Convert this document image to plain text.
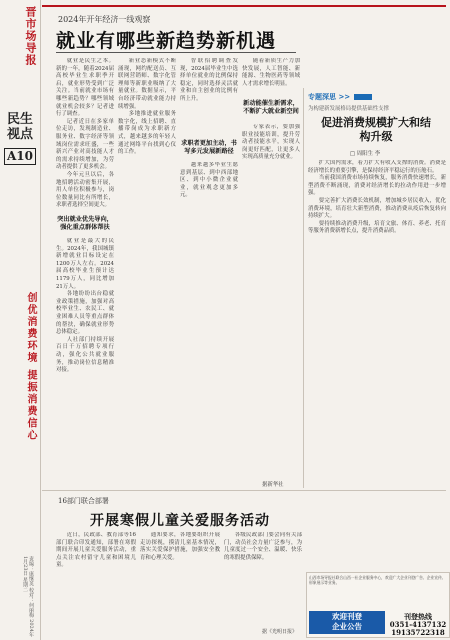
晋市场导报
民生视点
A10
创优消费环境 提振消费信心
责编：康继英 校对：何丽梅 2024年1月23日 星期二
2024年开年经济一线观察
就业有哪些新趋势新机遇

就业是民生之本。新的一年，随着2024届高校毕业生求职季开启，就业形势受到广泛关注。当前就业市场有哪些新趋势？哪些领域就业机会较多？记者进行了调查。

记者近日在多家单位走访，发现制造业、服务业、数字经济等领域岗位需求旺盛，一些新兴产业对高技能人才的需求持续增加，为劳动者提供了更多机会。

今年元旦以后，各地招聘活动密集开展，用人单位积极参与，岗位数量同比有所增长，求职者选择空间更大。

突出就业优先导向，强化重点群体帮扶

就业是最大的民生。2024年，我国城镇新增就业目标设定在1200万人左右。2024届高校毕业生预计达1179万人，同比增加21万人。

各地纷纷出台稳就业政策措施，加强对高校毕业生、农民工、就业困难人员等重点群体的帮扶，确保就业形势总体稳定。

人社部门持续开展百日千万招聘专项行动，强化公共就业服务，推动岗位信息精准对接。

新业态新模式不断涌现，网约配送员、互联网营销师、数字化管理师等新职业吸纳了大量就业。数据显示，平台经济带动就业能力持续增强。

多地推进就业服务数字化，线上招聘、直播带岗成为求职新方式，越来越多的年轻人通过网络平台找到心仪的工作。

智联招聘调查发现，2024届毕业生中选择单位就业的比例保持稳定，同时选择灵活就业和自主创业的比例有所上升。

求职者更加主动，书写多元发展新路径

越来越多毕业生愿意到基层、到中西部地区、到中小微企业就业，就业观念更加多元。

随着新质生产力加快发展，人工智能、新能源、生物医药等领域人才需求增长明显。

新动能催生新需求，不断扩大就业新空间

专家表示，要加强职业技能培训，提升劳动者技能水平，实现人岗更好匹配，让更多人实现高质量充分就业。

据新华社
专题深思 >>
为构建新发展格局提供基础性支撑
促进消费规模扩大和结构升级
□ 周阳生 李

扩大国内需求，着力扩大有收入支撑的消费。消费是经济增长的重要引擎，是保持经济平稳运行的压舱石。

当前我国消费市场持续恢复，服务消费快速增长，新型消费不断涌现，消费对经济增长的拉动作用进一步增强。

要完善扩大消费长效机制，增加城乡居民收入，优化消费环境，培育壮大新型消费，推动消费从疫后恢复转向持续扩大。

要持续推动消费升级，培育文旅、体育、养老、托育等服务消费新增长点，提升消费品质。

16部门联合部署
开展寒假儿童关爱服务活动

近日，民政部、教育部等16部门联合印发通知，部署在寒假期间开展儿童关爱服务活动，重点关注农村留守儿童和困境儿童。

通知要求，各地要组织开展走访探视，摸清儿童基本情况，落实关爱保护措施，加强安全教育和心理关爱。

各级民政部门要会同有关部门，动员社会力量广泛参与，为儿童度过一个安全、温暖、快乐的寒假提供保障。

据《光明日报》
山西市场导报社联合山西一社企业服务中心，欢迎广大企业刊登广告、企业宣传、形象展示等业务。
欢迎刊登
企业公告
刊登热线
0351-4137132
19135722318
